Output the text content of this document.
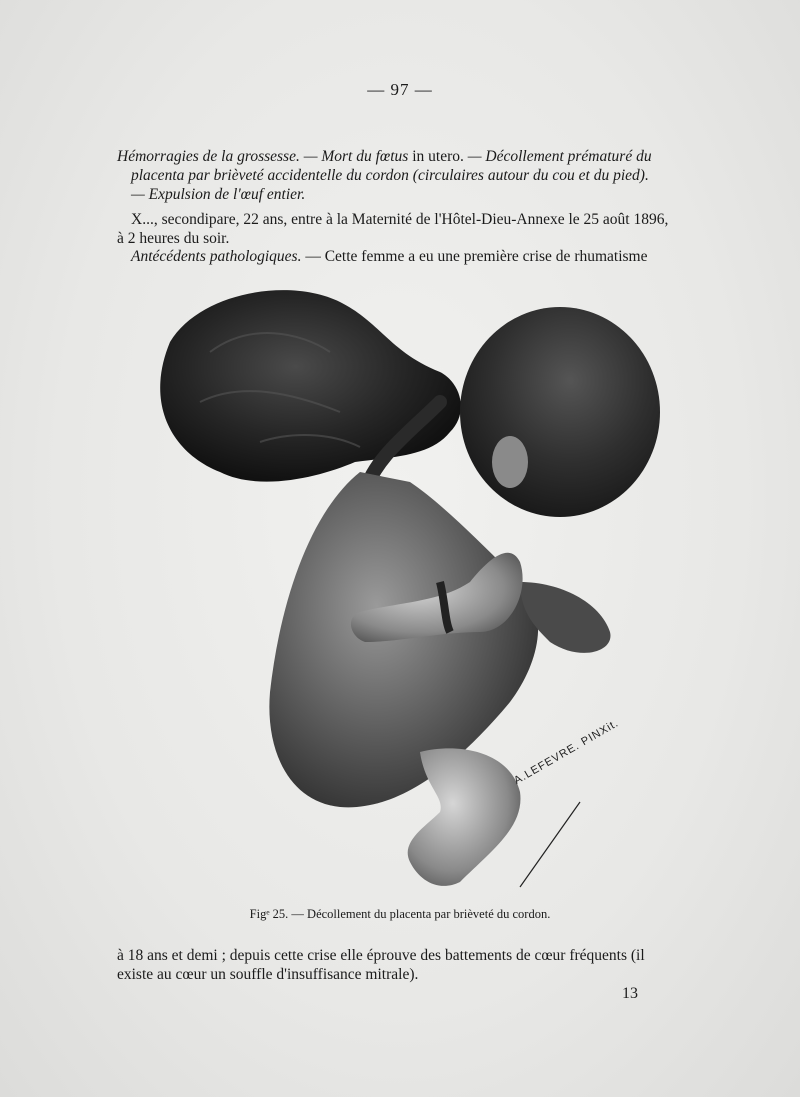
— 97 —
Hémorragies de la grossesse. — Mort du fœtus in utero. — Décollement prématuré du
placenta par brièveté accidentelle du cordon (circulaires autour du cou et du pied).
— Expulsion de l'œuf entier.
X..., secondipare, 22 ans, entre à la Maternité de l'Hôtel-Dieu-Annexe le 25 août 1896,
à 2 heures du soir.
Antécédents pathologiques. — Cette femme a eu une première crise de rhumatisme
A.LEFEVRE. PINXit.
Figᵉ 25. — Décollement du placenta par brièveté du cordon.
à 18 ans et demi ; depuis cette crise elle éprouve des battements de cœur fréquents (il
existe au cœur un souffle d'insuffisance mitrale).
13
